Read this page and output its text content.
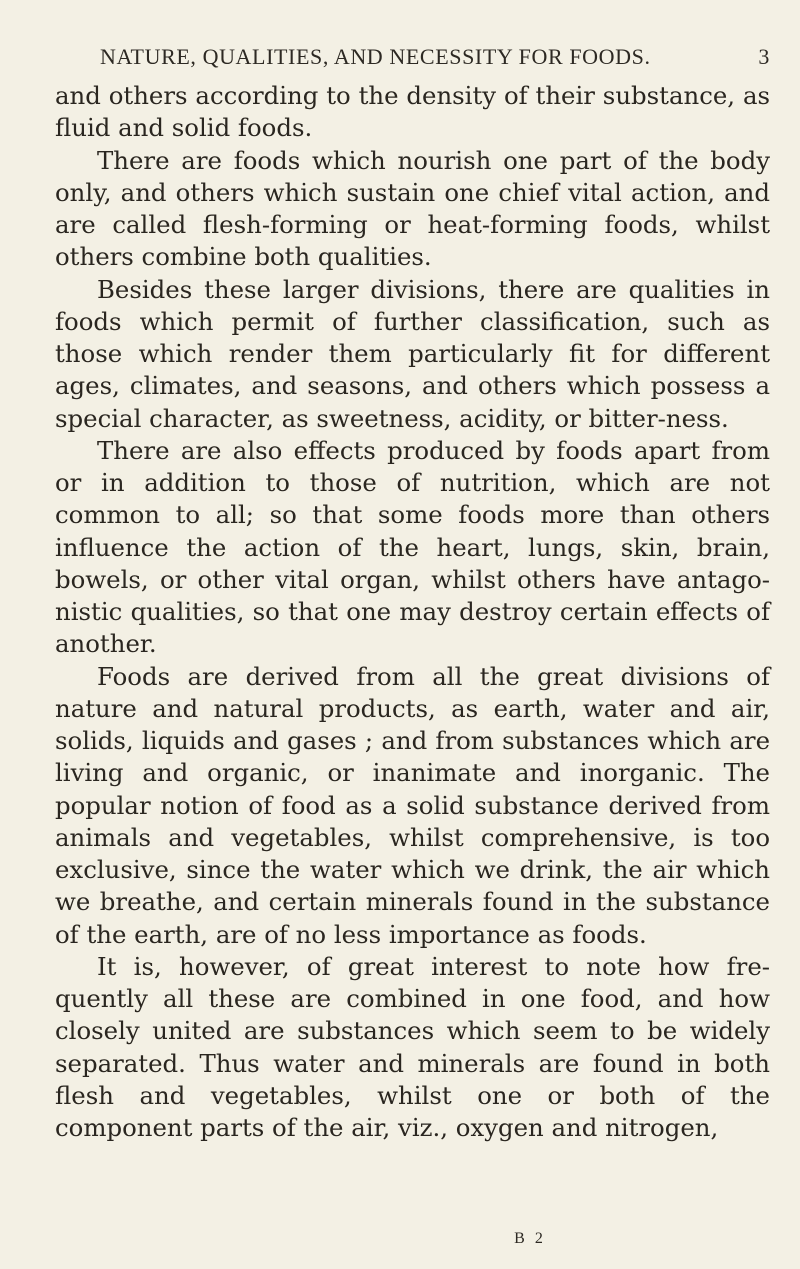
NATURE, QUALITIES, AND NECESSITY FOR FOODS.	3

and others according to the density of their substance, as fluid and solid foods.

There are foods which nourish one part of the body only, and others which sustain one chief vital action, and are called flesh-forming or heat-forming foods, whilst others combine both qualities.

Besides these larger divisions, there are qualities in foods which permit of further classification, such as those which render them particularly fit for different ages, climates, and seasons, and others which possess a special character, as sweetness, acidity, or bitter-ness.

There are also effects produced by foods apart from or in addition to those of nutrition, which are not common to all; so that some foods more than others influence the action of the heart, lungs, skin, brain, bowels, or other vital organ, whilst others have antago-nistic qualities, so that one may destroy certain effects of another.

Foods are derived from all the great divisions of nature and natural products, as earth, water and air, solids, liquids and gases ; and from substances which are living and organic, or inanimate and inorganic. The popular notion of food as a solid substance derived from animals and vegetables, whilst comprehensive, is too exclusive, since the water which we drink, the air which we breathe, and certain minerals found in the substance of the earth, are of no less importance as foods.

It is, however, of great interest to note how fre-quently all these are combined in one food, and how closely united are substances which seem to be widely separated. Thus water and minerals are found in both flesh and vegetables, whilst one or both of the component parts of the air, viz., oxygen and nitrogen,

B 2
